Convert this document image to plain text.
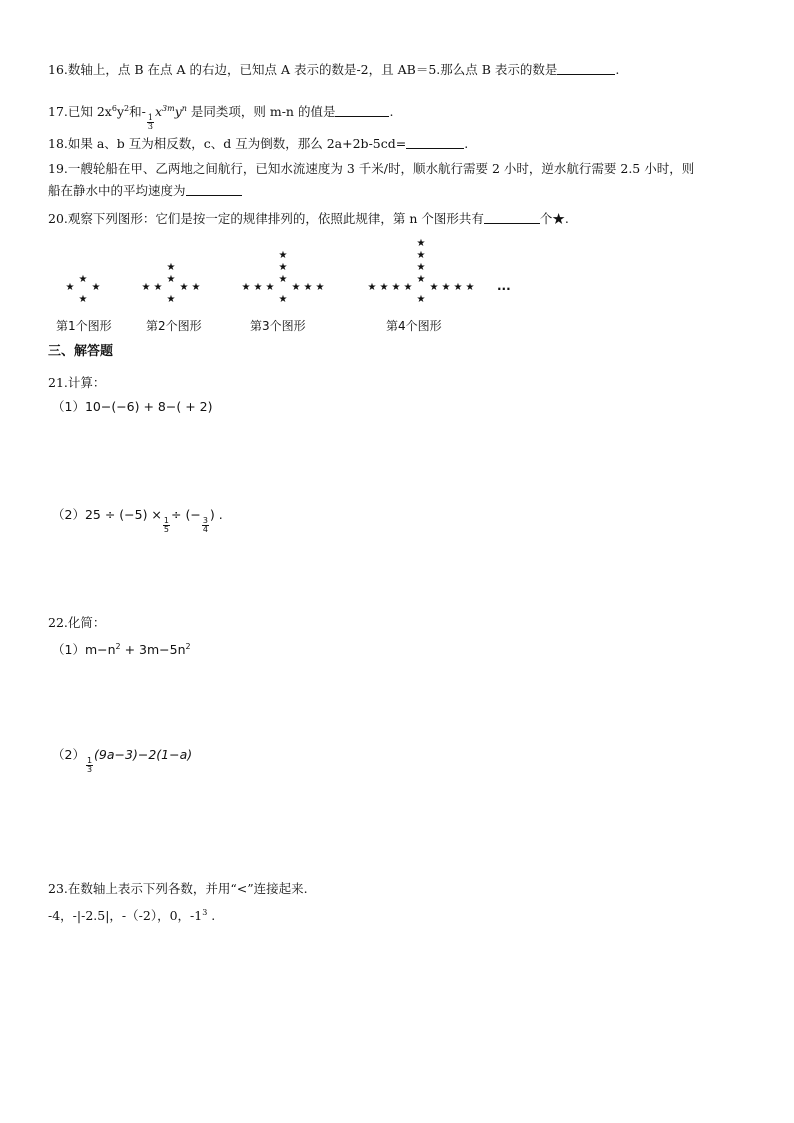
16.数轴上，点 B 在点 A 的右边，已知点 A 表示的数是-2，且 AB＝5.那么点 B 表示的数是	.
17.已知 $2x^6y^2$和-
$\frac{1}{3}$
$x^{3m}y^n$ 是同类项，则 m-n 的值是	.
18.如果 a、b 互为相反数，c、d 互为倒数，那么 2a+2b-5cd=	.
19.一艘轮船在甲、乙两地之间航行，已知水流速度为 3 千米/时，顺水航行需要 2 小时，逆水航行需要 2.5 小时，则
船在静水中的平均速度为
20.观察下列图形：它们是按一定的规律排列的，依照此规律，第 n 个图形共有	个★.
★
★
★ ★
★
★
★
★
★	★ ★
★
★
★
★
★
★
★	★ ★ ★
★
★
★
★
★
★
★
★
★	★ ★ ★ ★ ···
第1个图形	第2个图形	第3个图形	第4个图形
三、解答题
21.计算：
（1）10−(−6) + 8−( + 2)
（2）25 ÷ (−5) ×
$\frac{1}{5}$
÷ (−
$\frac{3}{4}$
) .
22.化简：
$(1)m-n^2 + 3m-5n^2$
（2）
$\frac{1}{3}$
(9a−3)−2(1−a)
23.在数轴上表示下列各数，并用“<”连接起来.
-4，-|-2.5|，-（-2），0，$-1^3$ .
